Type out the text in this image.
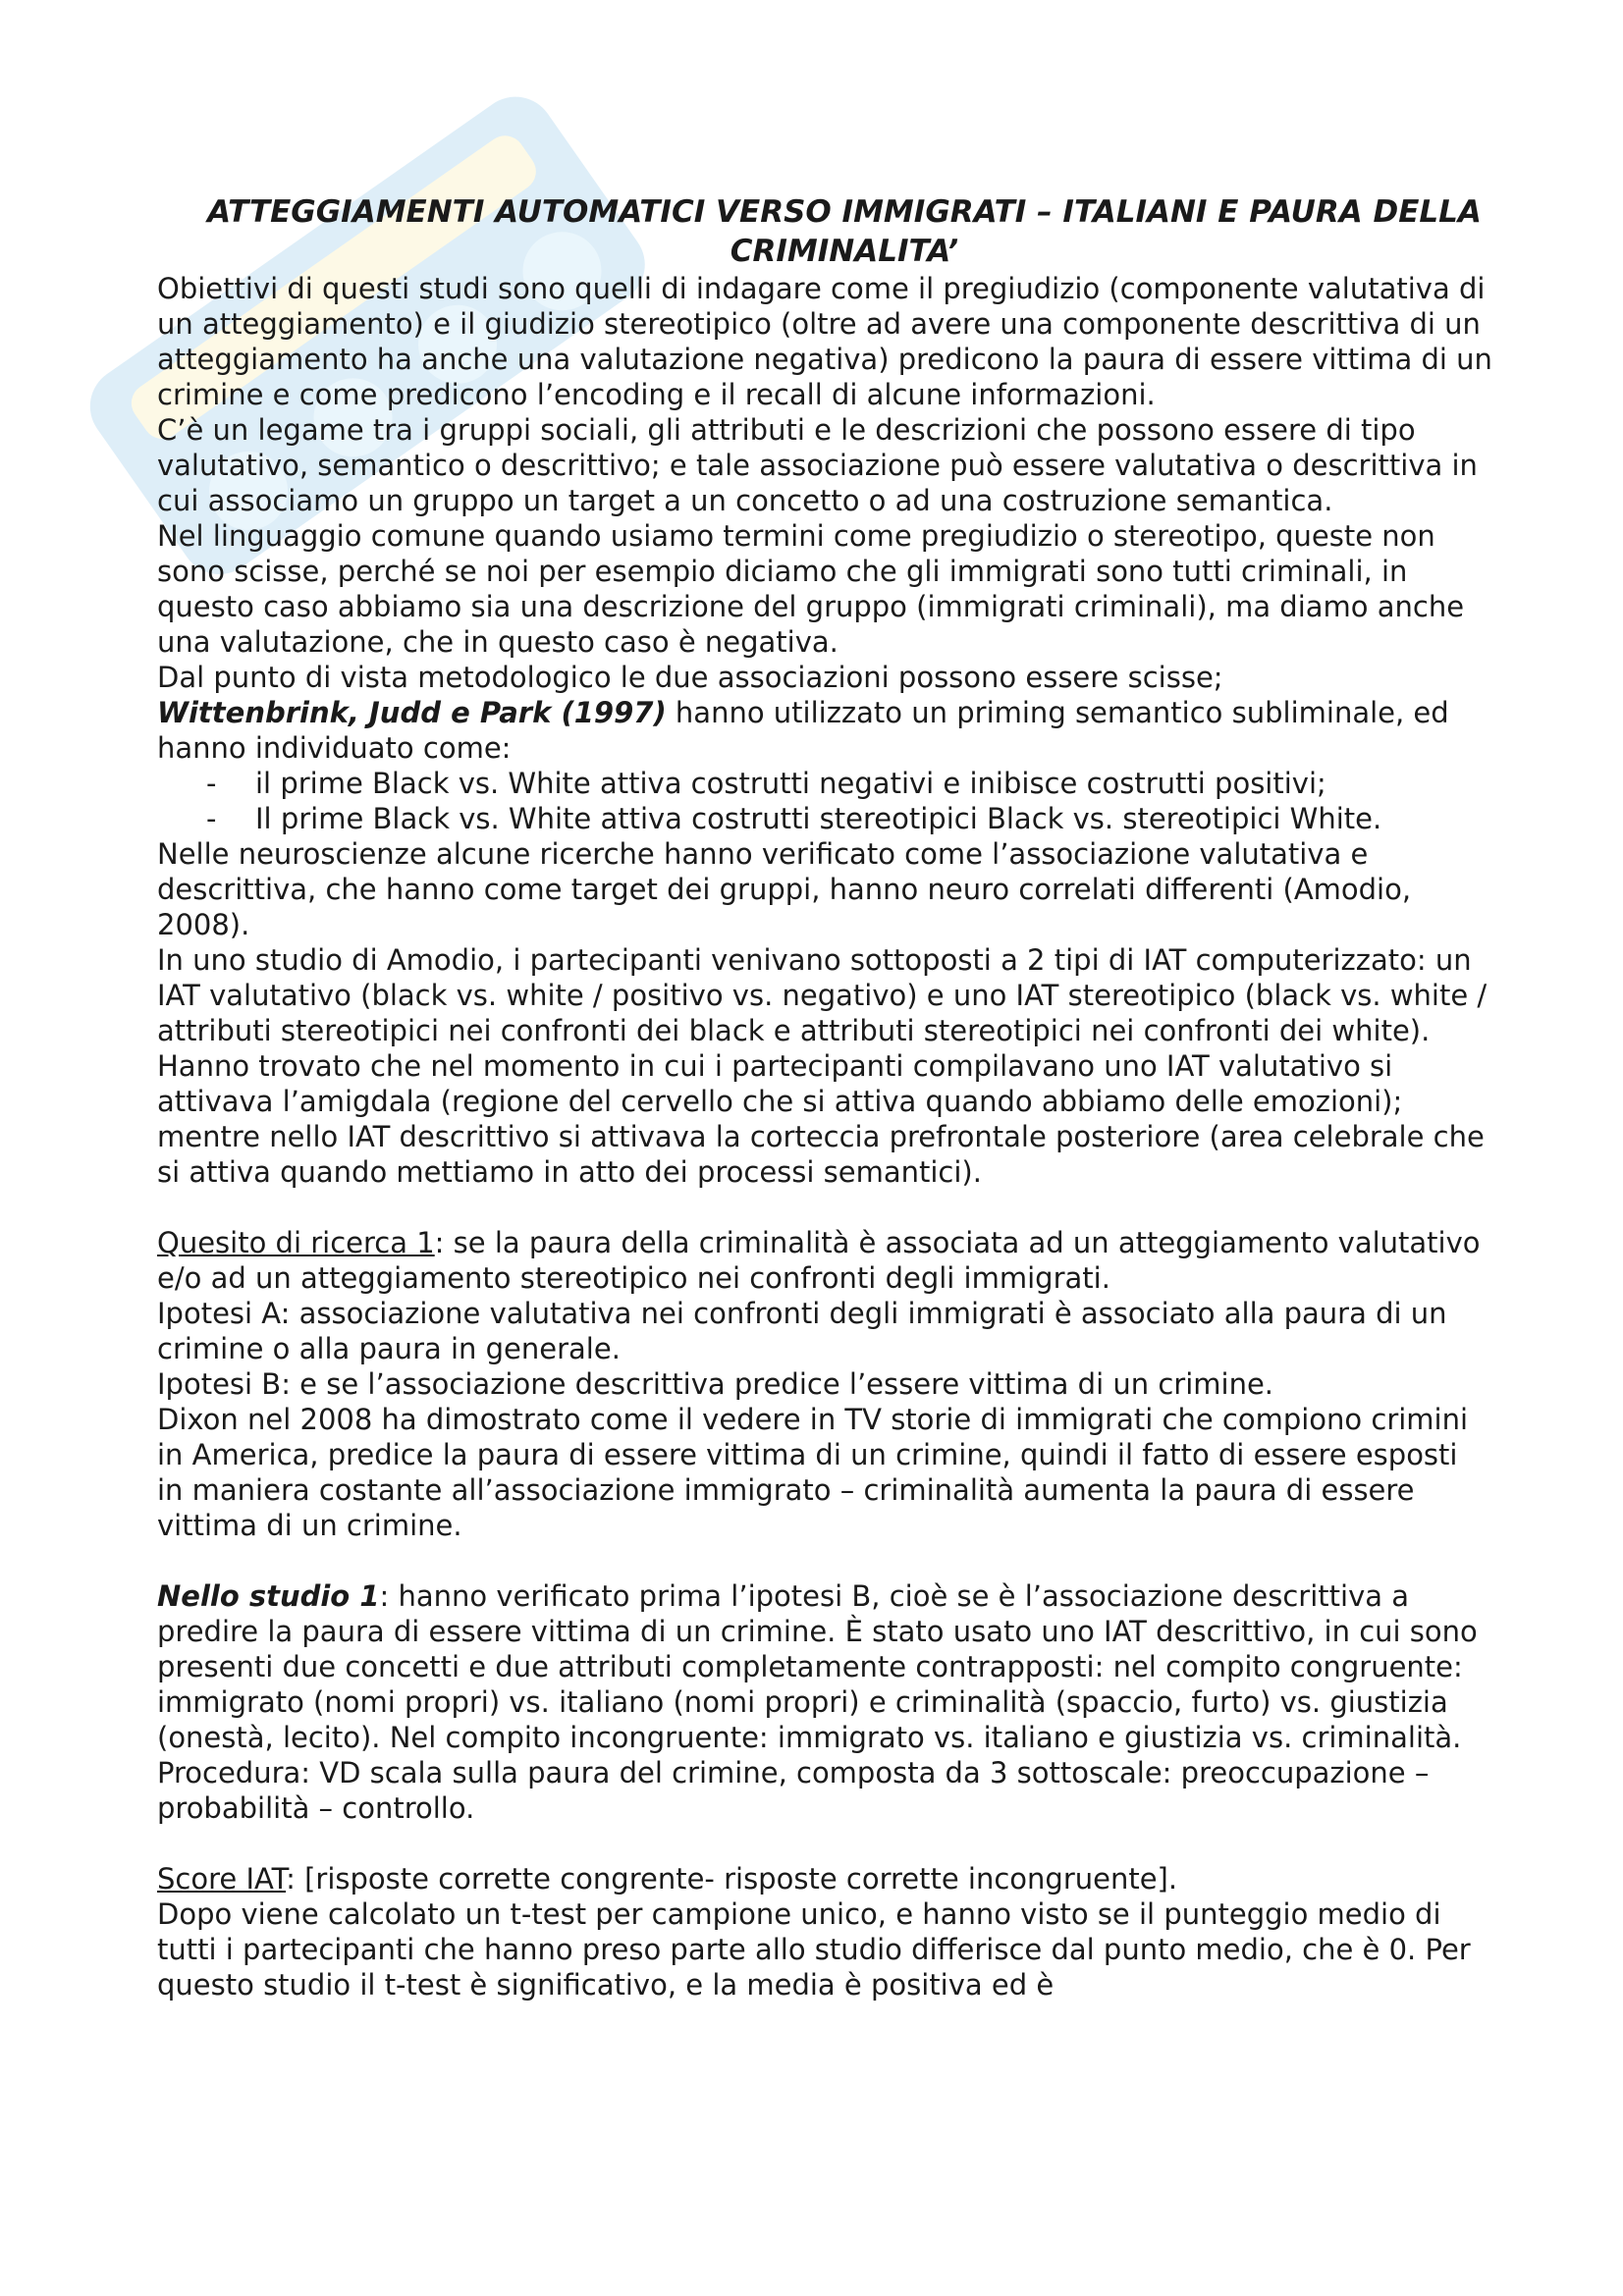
ATTEGGIAMENTI AUTOMATICI VERSO IMMIGRATI – ITALIANI E PAURA DELLA CRIMINALITA’

Obiettivi di questi studi sono quelli di indagare come il pregiudizio (componente valutativa di un atteggiamento) e il giudizio stereotipico (oltre ad avere una componente descrittiva di un atteggiamento ha anche una valutazione negativa) predicono la paura di essere vittima di un crimine e come predicono l’encoding e il recall di alcune informazioni.

C’è un legame tra i gruppi sociali, gli attributi e le descrizioni che possono essere di tipo valutativo, semantico o descrittivo; e tale associazione può essere valutativa o descrittiva in cui associamo un gruppo un target a un concetto o ad una costruzione semantica.

Nel linguaggio comune quando usiamo termini come pregiudizio o stereotipo, queste non sono scisse, perché se noi per esempio diciamo che gli immigrati sono tutti criminali, in questo caso abbiamo sia una descrizione del gruppo (immigrati criminali), ma diamo anche una valutazione, che in questo caso è negativa.

Dal punto di vista metodologico le due associazioni possono essere scisse;

Wittenbrink, Judd e Park (1997) hanno utilizzato un priming semantico subliminale, ed hanno individuato come:

- il prime Black vs. White attiva costrutti negativi e inibisce costrutti positivi;
- Il prime Black vs. White attiva costrutti stereotipici Black vs. stereotipici White.

Nelle neuroscienze alcune ricerche hanno verificato come l’associazione valutativa e descrittiva, che hanno come target dei gruppi, hanno neuro correlati differenti (Amodio, 2008).

In uno studio di Amodio, i partecipanti venivano sottoposti a 2 tipi di IAT computerizzato: un IAT valutativo (black vs. white / positivo vs. negativo) e uno IAT stereotipico (black vs. white / attributi stereotipici nei confronti dei black e attributi stereotipici nei confronti dei white).

Hanno trovato che nel momento in cui i partecipanti compilavano uno IAT valutativo si attivava l’amigdala (regione del cervello che si attiva quando abbiamo delle emozioni); mentre nello IAT descrittivo si attivava la corteccia prefrontale posteriore (area celebrale che si attiva quando mettiamo in atto dei processi semantici).

Quesito di ricerca 1: se la paura della criminalità è associata ad un atteggiamento valutativo e/o ad un atteggiamento stereotipico nei confronti degli immigrati.

Ipotesi A: associazione valutativa nei confronti degli immigrati è associato alla paura di un crimine o alla paura in generale.

Ipotesi B: e se l’associazione descrittiva predice l’essere vittima di un crimine.

Dixon nel 2008 ha dimostrato come il vedere in TV storie di immigrati che compiono crimini in America, predice la paura di essere vittima di un crimine, quindi il fatto di essere esposti in maniera costante all’associazione immigrato – criminalità aumenta la paura di essere vittima di un crimine.

Nello studio 1: hanno verificato prima l’ipotesi B, cioè se è l’associazione descrittiva a predire la paura di essere vittima di un crimine. È stato usato uno IAT descrittivo, in cui sono presenti due concetti e due attributi completamente contrapposti: nel compito congruente: immigrato (nomi propri) vs. italiano (nomi propri) e criminalità (spaccio, furto) vs. giustizia (onestà, lecito). Nel compito incongruente: immigrato vs. italiano e giustizia vs. criminalità.

Procedura: VD scala sulla paura del crimine, composta da 3 sottoscale: preoccupazione – probabilità – controllo.

Score IAT: [risposte corrette congrente- risposte corrette incongruente].

Dopo viene calcolato un t-test per campione unico, e hanno visto se il punteggio medio di tutti i partecipanti che hanno preso parte allo studio differisce dal punto medio, che è 0. Per questo studio il t-test è significativo, e la media è positiva ed è
